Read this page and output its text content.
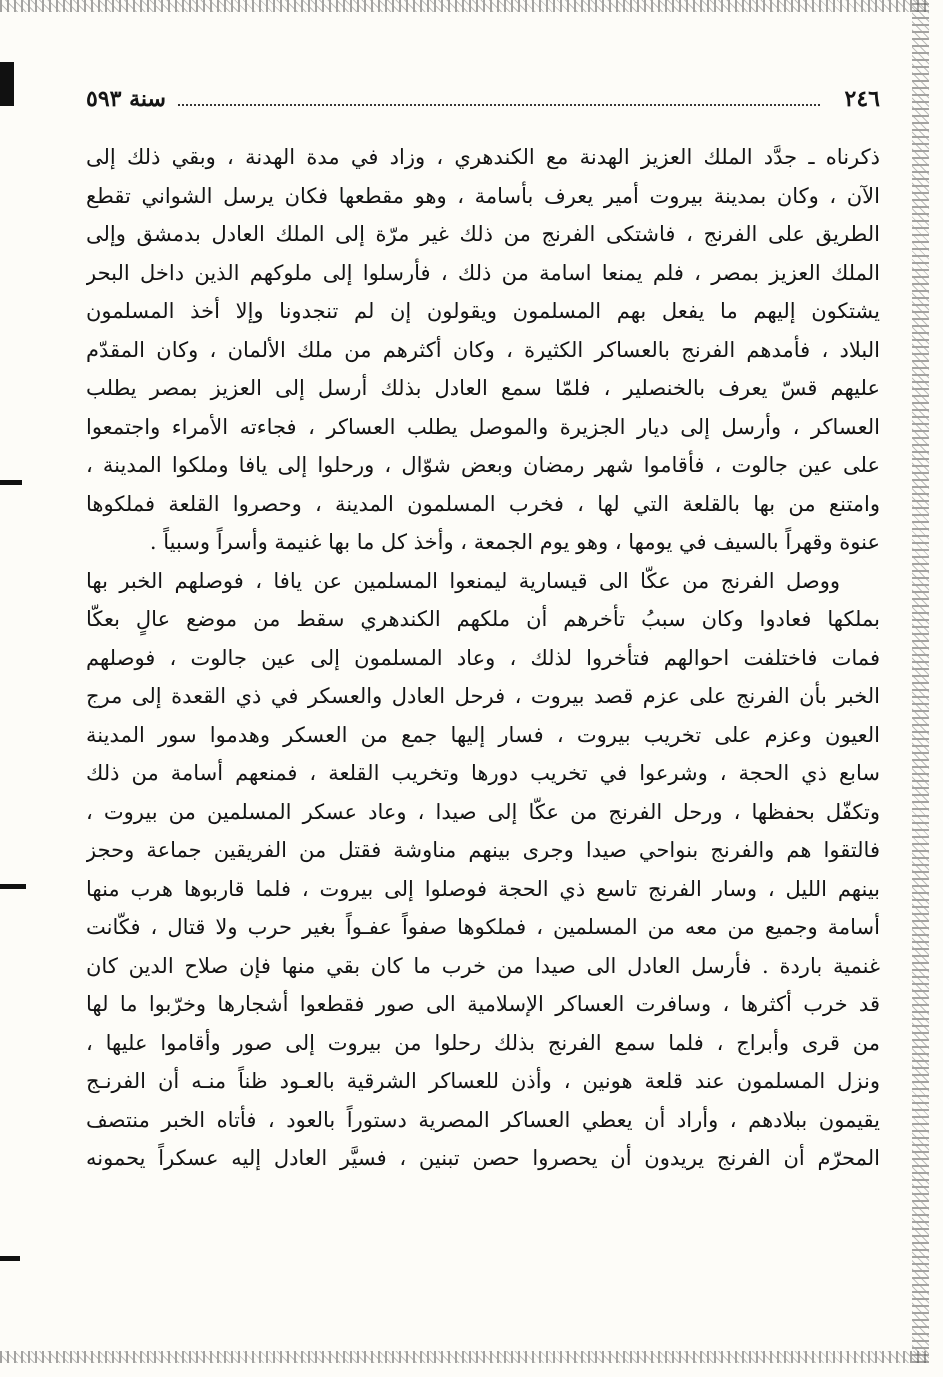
٢٤٦
سنة ٥٩٣
ذكرناه ـ جدَّد الملك العزيز الهدنة مع الكندهري ، وزاد في مدة الهدنة ، وبقي ذلك إلى
الآن ، وكان بمدينة بيروت أمير يعرف بأسامة ، وهو مقطعها فكان يرسل الشواني تقطع
الطريق على الفرنج ، فاشتكى الفرنج من ذلك غير مرّة إلى الملك العادل بدمشق وإلى
الملك العزيز بمصر ، فلم يمنعا اسامة من ذلك ، فأرسلوا إلى ملوكهم الذين داخل البحر
يشتكون إليهم ما يفعل بهم المسلمون ويقولون إن لم تنجدونا وإلا أخذ المسلمون
البلاد ، فأمدهم الفرنج بالعساكر الكثيرة ، وكان أكثرهم من ملك الألمان ، وكان المقدّم
عليهم قسّ يعرف بالخنصلير ، فلمّا سمع العادل بذلك أرسل إلى العزيز بمصر يطلب
العساكر ، وأرسل إلى ديار الجزيرة والموصل يطلب العساكر ، فجاءته الأمراء واجتمعوا
على عين جالوت ، فأقاموا شهر رمضان وبعض شوّال ، ورحلوا إلى يافا وملكوا المدينة ،
وامتنع من بها بالقلعة التي لها ، فخرب المسلمون المدينة ، وحصروا القلعة فملكوها
عنوة وقهراً بالسيف في يومها ، وهو يوم الجمعة ، وأخذ كل ما بها غنيمة وأسراً وسبياً .
ووصل الفرنج من عكّا الى قيسارية ليمنعوا المسلمين عن يافا ، فوصلهم الخبر بها
بملكها فعادوا وكان سببُ تأخرهم أن ملكهم الكندهري سقط من موضع عالٍ بعكّا
فمات فاختلفت احوالهم فتأخروا لذلك ، وعاد المسلمون إلى عين جالوت ، فوصلهم
الخبر بأن الفرنج على عزم قصد بيروت ، فرحل العادل والعسكر في ذي القعدة إلى مرج
العيون وعزم على تخريب بيروت ، فسار إليها جمع من العسكر وهدموا سور المدينة
سابع ذي الحجة ، وشرعوا في تخريب دورها وتخريب القلعة ، فمنعهم أسامة من ذلك
وتكفّل بحفظها ، ورحل الفرنج من عكّا إلى صيدا ، وعاد عسكر المسلمين من بيروت ،
فالتقوا هم والفرنج بنواحي صيدا وجرى بينهم مناوشة فقتل من الفريقين جماعة وحجز
بينهم الليل ، وسار الفرنج تاسع ذي الحجة فوصلوا إلى بيروت ، فلما قاربوها هرب منها
أسامة وجميع من معه من المسلمين ، فملكوها صفواً عفـواً بغير حرب ولا قتال ، فكّانت
غنمية باردة . فأرسل العادل الى صيدا من خرب ما كان بقي منها فإن صلاح الدين كان
قد خرب أكثرها ، وسافرت العساكر الإسلامية الى صور فقطعوا أشجارها وخرّبوا ما لها
من قرى وأبراج ، فلما سمع الفرنج بذلك رحلوا من بيروت إلى صور وأقاموا عليها ،
ونزل المسلمون عند قلعة هونين ، وأذن للعساكر الشرقية بالعـود ظناً منـه أن الفرنـج
يقيمون ببلادهم ، وأراد أن يعطي العساكر المصرية دستوراً بالعود ، فأتاه الخبر منتصف
المحرّم أن الفرنج يريدون أن يحصروا حصن تبنين ، فسيَّر العادل إليه عسكراً يحمونه
